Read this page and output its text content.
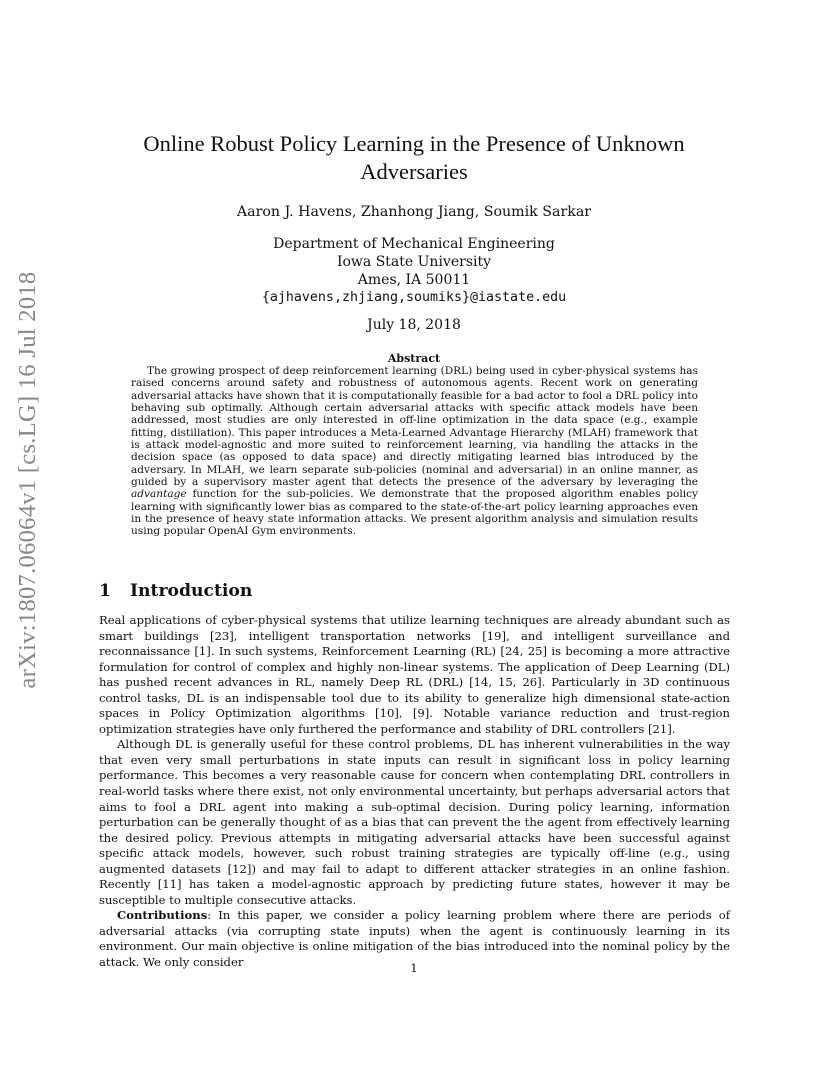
arXiv:1807.06064v1 [cs.LG] 16 Jul 2018
Online Robust Policy Learning in the Presence of Unknown Adversaries
Aaron J. Havens, Zhanhong Jiang, Soumik Sarkar
Department of Mechanical Engineering
Iowa State University
Ames, IA 50011
{ajhavens,zhjiang,soumiks}@iastate.edu
July 18, 2018
Abstract
The growing prospect of deep reinforcement learning (DRL) being used in cyber-physical systems has raised concerns around safety and robustness of autonomous agents. Recent work on generating adversarial attacks have shown that it is computationally feasible for a bad actor to fool a DRL policy into behaving sub optimally. Although certain adversarial attacks with specific attack models have been addressed, most studies are only interested in off-line optimization in the data space (e.g., example fitting, distillation). This paper introduces a Meta-Learned Advantage Hierarchy (MLAH) framework that is attack model-agnostic and more suited to reinforcement learning, via handling the attacks in the decision space (as opposed to data space) and directly mitigating learned bias introduced by the adversary. In MLAH, we learn separate sub-policies (nominal and adversarial) in an online manner, as guided by a supervisory master agent that detects the presence of the adversary by leveraging the advantage function for the sub-policies. We demonstrate that the proposed algorithm enables policy learning with significantly lower bias as compared to the state-of-the-art policy learning approaches even in the presence of heavy state information attacks. We present algorithm analysis and simulation results using popular OpenAI Gym environments.
1 Introduction

Real applications of cyber-physical systems that utilize learning techniques are already abundant such as smart buildings [23], intelligent transportation networks [19], and intelligent surveillance and reconnaissance [1]. In such systems, Reinforcement Learning (RL) [24, 25] is becoming a more attractive formulation for control of complex and highly non-linear systems. The application of Deep Learning (DL) has pushed recent advances in RL, namely Deep RL (DRL) [14, 15, 26]. Particularly in 3D continuous control tasks, DL is an indispensable tool due to its ability to generalize high dimensional state-action spaces in Policy Optimization algorithms [10], [9]. Notable variance reduction and trust-region optimization strategies have only furthered the performance and stability of DRL controllers [21].

Although DL is generally useful for these control problems, DL has inherent vulnerabilities in the way that even very small perturbations in state inputs can result in significant loss in policy learning performance. This becomes a very reasonable cause for concern when contemplating DRL controllers in real-world tasks where there exist, not only environmental uncertainty, but perhaps adversarial actors that aims to fool a DRL agent into making a sub-optimal decision. During policy learning, information perturbation can be generally thought of as a bias that can prevent the the agent from effectively learning the desired policy. Previous attempts in mitigating adversarial attacks have been successful against specific attack models, however, such robust training strategies are typically off-line (e.g., using augmented datasets [12]) and may fail to adapt to different attacker strategies in an online fashion. Recently [11] has taken a model-agnostic approach by predicting future states, however it may be susceptible to multiple consecutive attacks.

Contributions: In this paper, we consider a policy learning problem where there are periods of adversarial attacks (via corrupting state inputs) when the agent is continuously learning in its environment. Our main objective is online mitigation of the bias introduced into the nominal policy by the attack. We only consider	1
